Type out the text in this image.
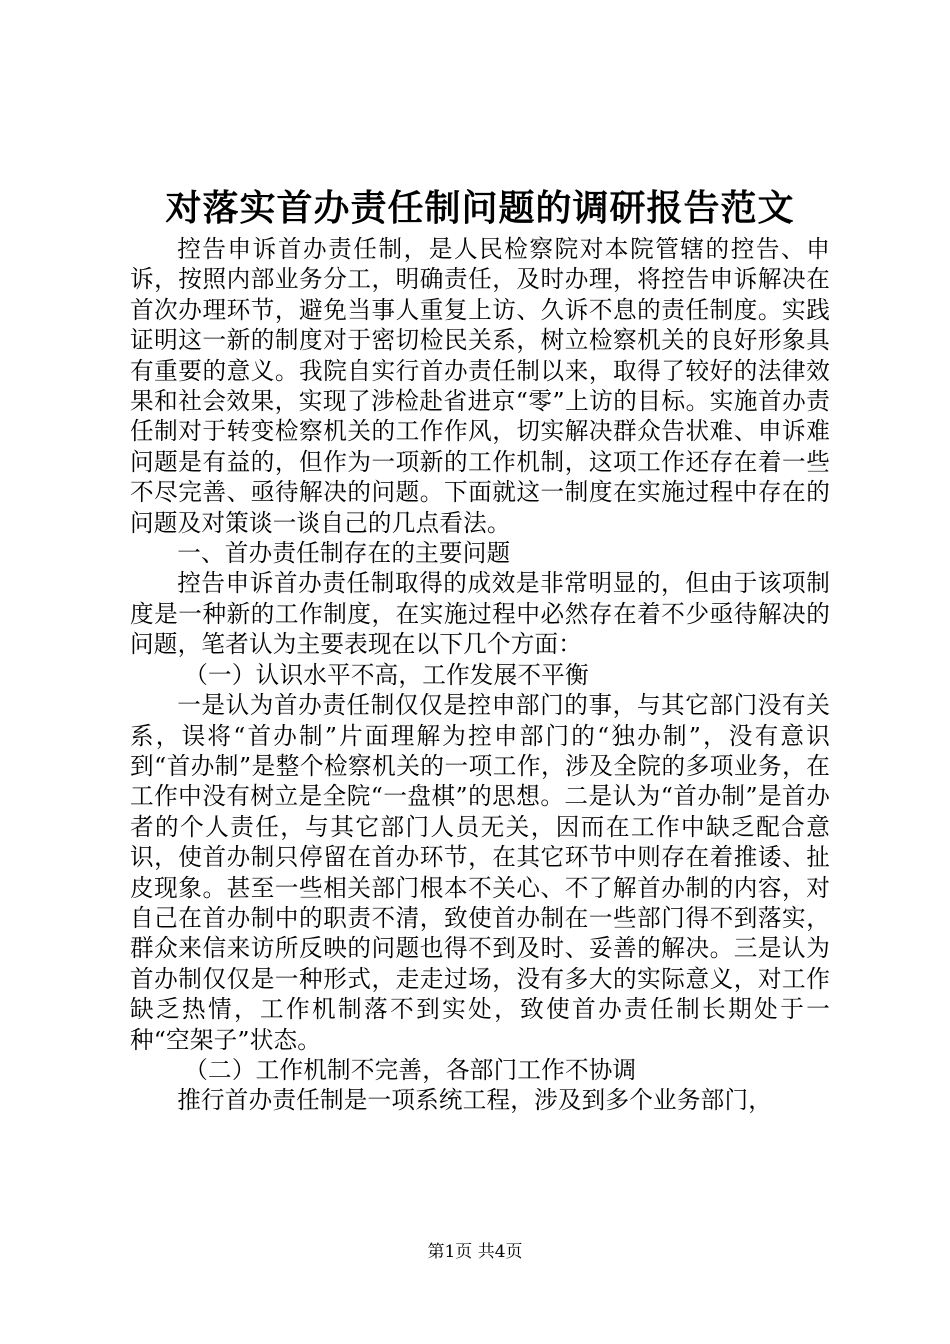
对落实首办责任制问题的调研报告范文

控告申诉首办责任制，是人民检察院对本院管辖的控告、申诉，按照内部业务分工，明确责任，及时办理，将控告申诉解决在首次办理环节，避免当事人重复上访、久诉不息的责任制度。实践证明这一新的制度对于密切检民关系，树立检察机关的良好形象具有重要的意义。我院自实行首办责任制以来，取得了较好的法律效果和社会效果，实现了涉检赴省进京“零”上访的目标。实施首办责任制对于转变检察机关的工作作风，切实解决群众告状难、申诉难问题是有益的，但作为一项新的工作机制，这项工作还存在着一些不尽完善、亟待解决的问题。下面就这一制度在实施过程中存在的问题及对策谈一谈自己的几点看法。

一、首办责任制存在的主要问题

控告申诉首办责任制取得的成效是非常明显的，但由于该项制度是一种新的工作制度，在实施过程中必然存在着不少亟待解决的问题，笔者认为主要表现在以下几个方面：

（一）认识水平不高，工作发展不平衡

一是认为首办责任制仅仅是控申部门的事，与其它部门没有关系，误将“首办制”片面理解为控申部门的“独办制”，没有意识到“首办制”是整个检察机关的一项工作，涉及全院的多项业务，在工作中没有树立是全院“一盘棋”的思想。二是认为“首办制”是首办者的个人责任，与其它部门人员无关，因而在工作中缺乏配合意识，使首办制只停留在首办环节，在其它环节中则存在着推诿、扯皮现象。甚至一些相关部门根本不关心、不了解首办制的内容，对自己在首办制中的职责不清，致使首办制在一些部门得不到落实，群众来信来访所反映的问题也得不到及时、妥善的解决。三是认为首办制仅仅是一种形式，走走过场，没有多大的实际意义，对工作缺乏热情，工作机制落不到实处，致使首办责任制长期处于一种“空架子”状态。

（二）工作机制不完善，各部门工作不协调

推行首办责任制是一项系统工程，涉及到多个业务部门，

第1页 共4页
